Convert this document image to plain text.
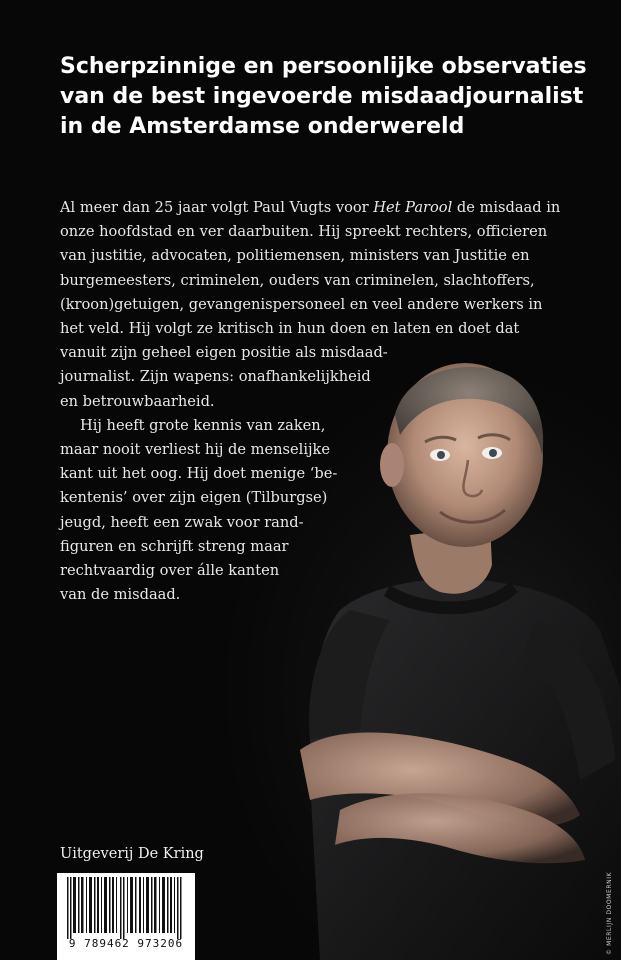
Scherpzinnige en persoonlijke observaties
van de best ingevoerde misdaadjournalist
in de Amsterdamse onderwereld
Al meer dan 25 jaar volgt Paul Vugts voor Het Parool de misdaad in
onze hoofdstad en ver daarbuiten. Hij spreekt rechters, officieren
van justitie, advocaten, politiemensen, ministers van Justitie en
burgemeesters, criminelen, ouders van criminelen, slachtoffers,
(kroon)getuigen, gevangenispersoneel en veel andere werkers in
het veld. Hij volgt ze kritisch in hun doen en laten en doet dat
vanuit zijn geheel eigen positie als misdaad-
journalist. Zijn wapens: onafhankelijkheid
en betrouwbaarheid.
Hij heeft grote kennis van zaken,
maar nooit verliest hij de menselijke
kant uit het oog. Hij doet menige ‘be-
kentenis’ over zijn eigen (Tilburgse)
jeugd, heeft een zwak voor rand-
figuren en schrijft streng maar
rechtvaardig over álle kanten
van de misdaad.
Uitgeverij De Kring
9 789462 973206	© MERLIJN DOOMERNIK
